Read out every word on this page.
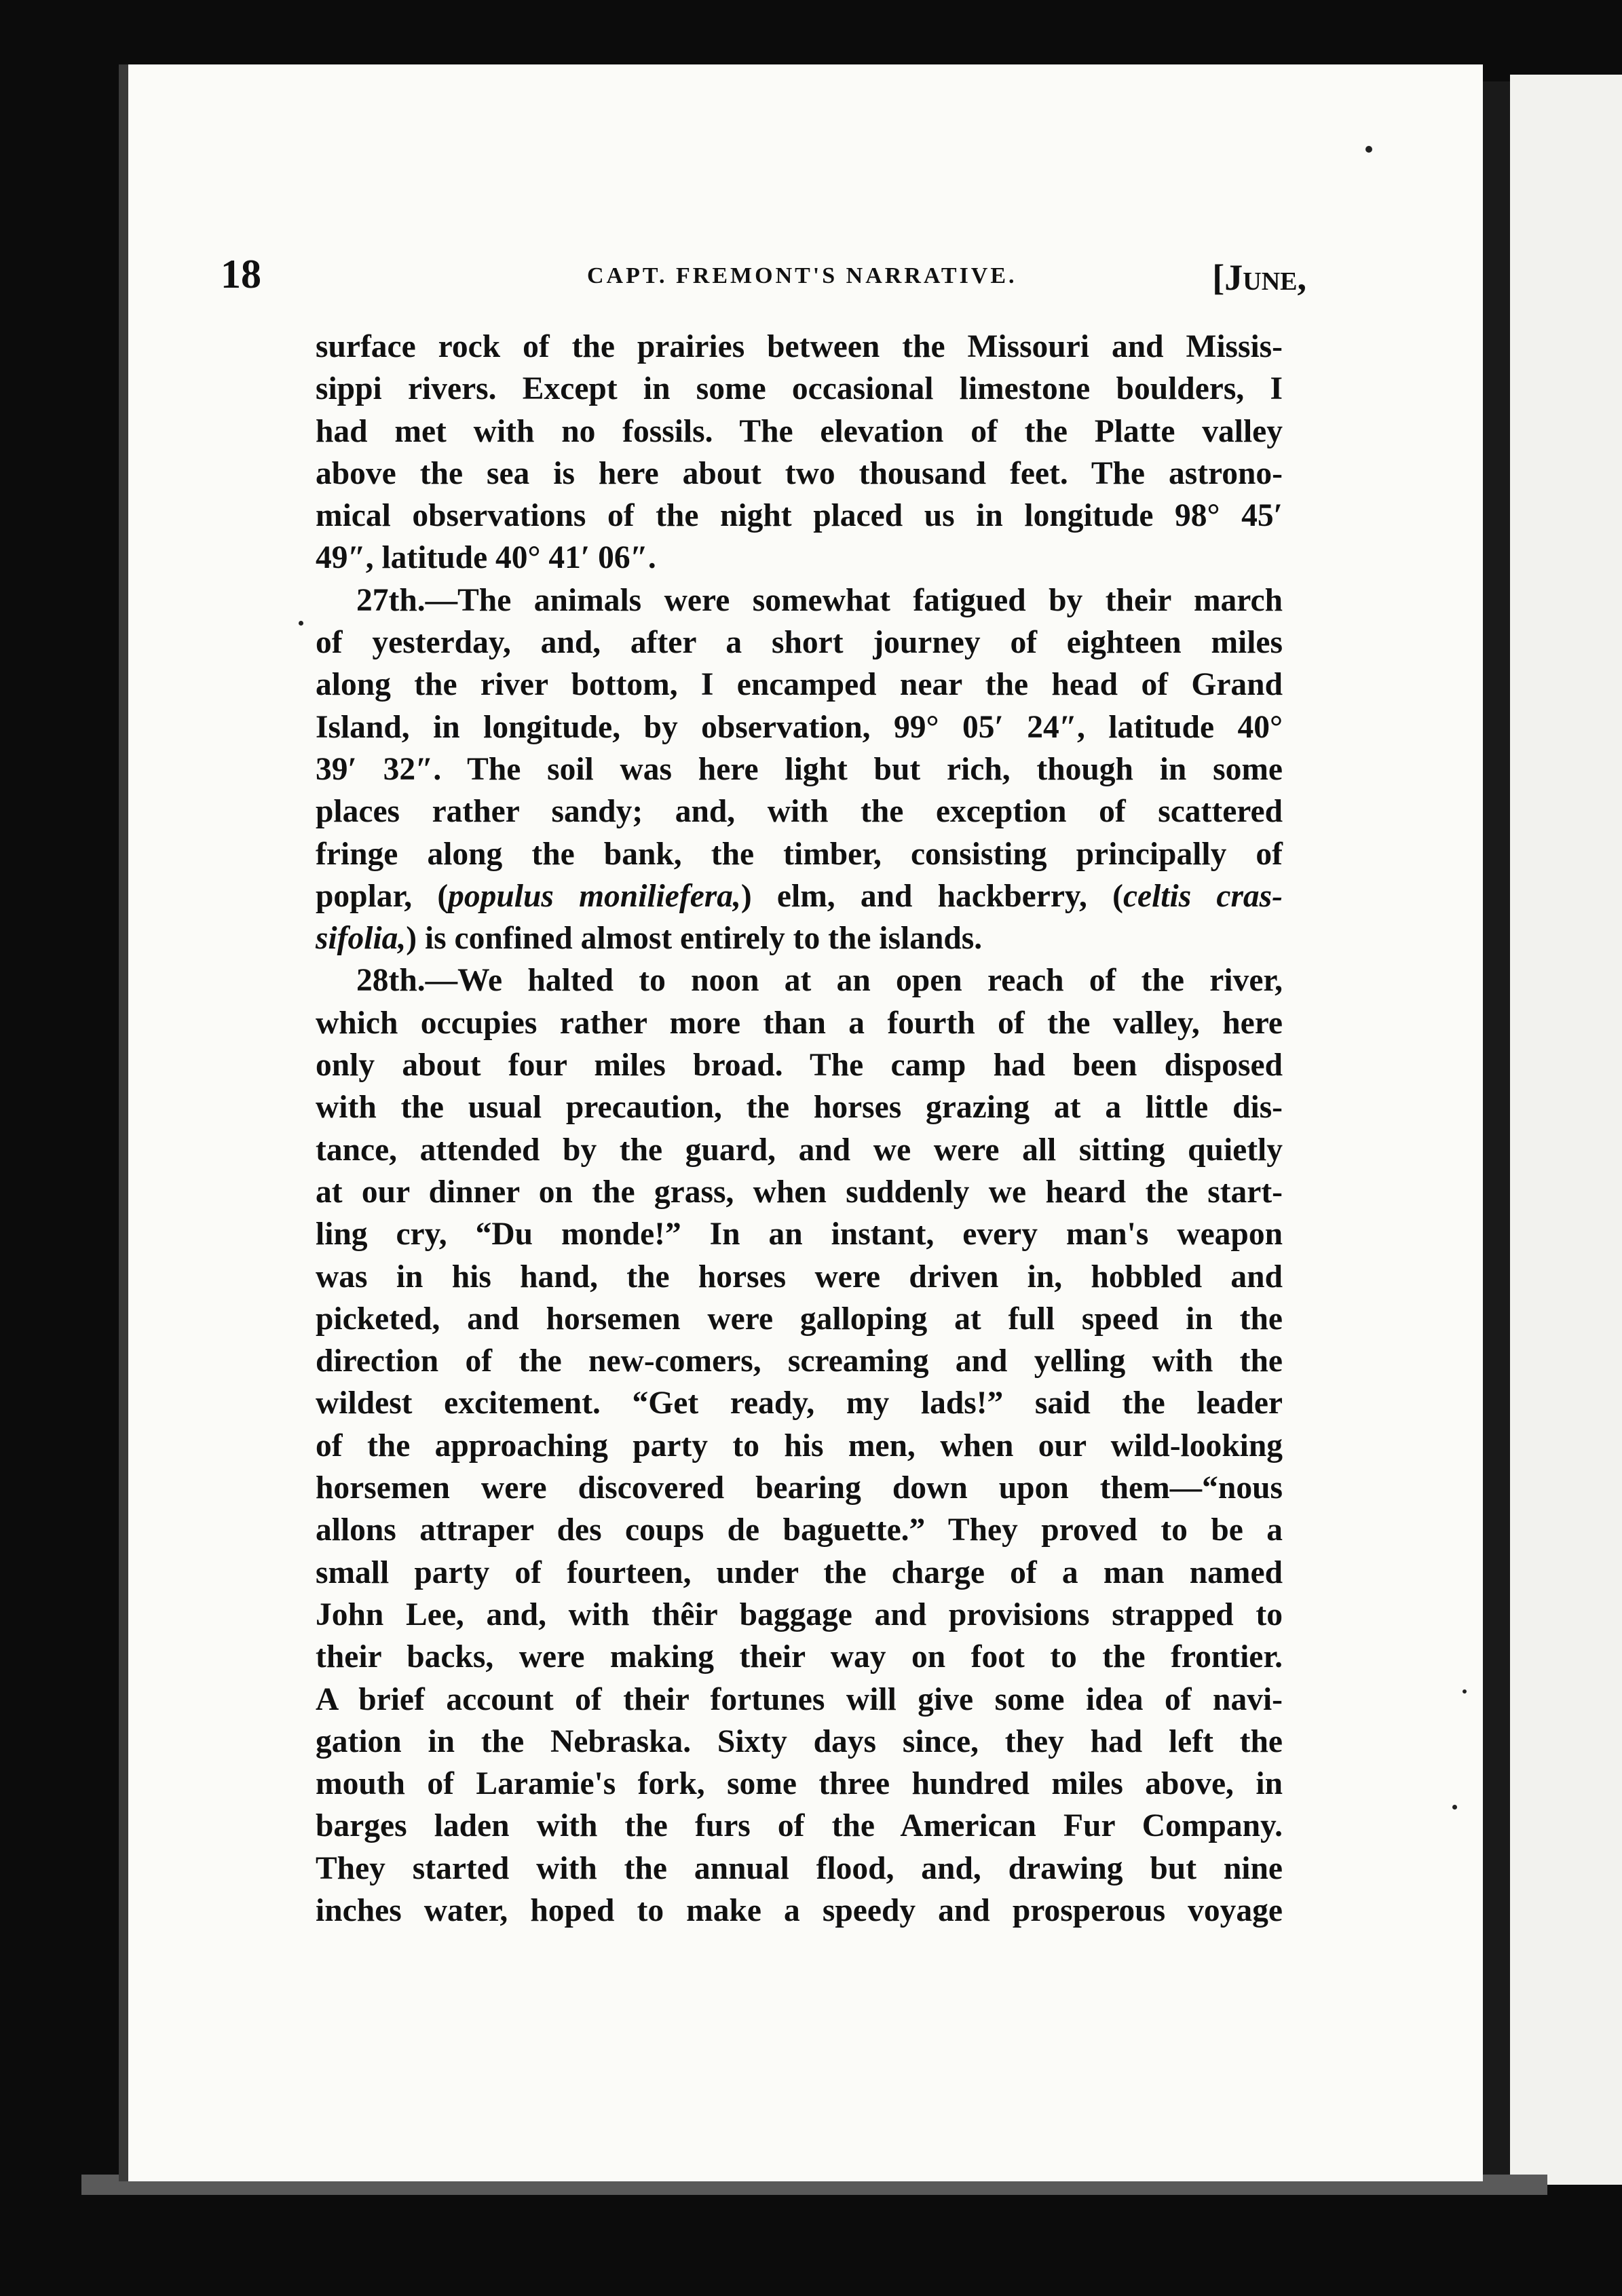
18	CAPT. FREMONT'S NARRATIVE.	[June,
surface rock of the prairies between the Missouri and Missis-
sippi rivers. Except in some occasional limestone boulders, I
had met with no fossils. The elevation of the Platte valley
above the sea is here about two thousand feet. The astrono-
mical observations of the night placed us in longitude 98° 45′
49″, latitude 40° 41′ 06″.
27th.—The animals were somewhat fatigued by their march
of yesterday, and, after a short journey of eighteen miles
along the river bottom, I encamped near the head of Grand
Island, in longitude, by observation, 99° 05′ 24″, latitude 40°
39′ 32″. The soil was here light but rich, though in some
places rather sandy; and, with the exception of scattered
fringe along the bank, the timber, consisting principally of
poplar, (populus moniliefera,) elm, and hackberry, (celtis cras-
sifolia,) is confined almost entirely to the islands.
28th.—We halted to noon at an open reach of the river,
which occupies rather more than a fourth of the valley, here
only about four miles broad. The camp had been disposed
with the usual precaution, the horses grazing at a little dis-
tance, attended by the guard, and we were all sitting quietly
at our dinner on the grass, when suddenly we heard the start-
ling cry, “Du monde!” In an instant, every man's weapon
was in his hand, the horses were driven in, hobbled and
picketed, and horsemen were galloping at full speed in the
direction of the new-comers, screaming and yelling with the
wildest excitement. “Get ready, my lads!” said the leader
of the approaching party to his men, when our wild-looking
horsemen were discovered bearing down upon them—“nous
allons attraper des coups de baguette.” They proved to be a
small party of fourteen, under the charge of a man named
John Lee, and, with thêir baggage and provisions strapped to
their backs, were making their way on foot to the frontier.
A brief account of their fortunes will give some idea of navi-
gation in the Nebraska. Sixty days since, they had left the
mouth of Laramie's fork, some three hundred miles above, in
barges laden with the furs of the American Fur Company.
They started with the annual flood, and, drawing but nine
inches water, hoped to make a speedy and prosperous voyage
